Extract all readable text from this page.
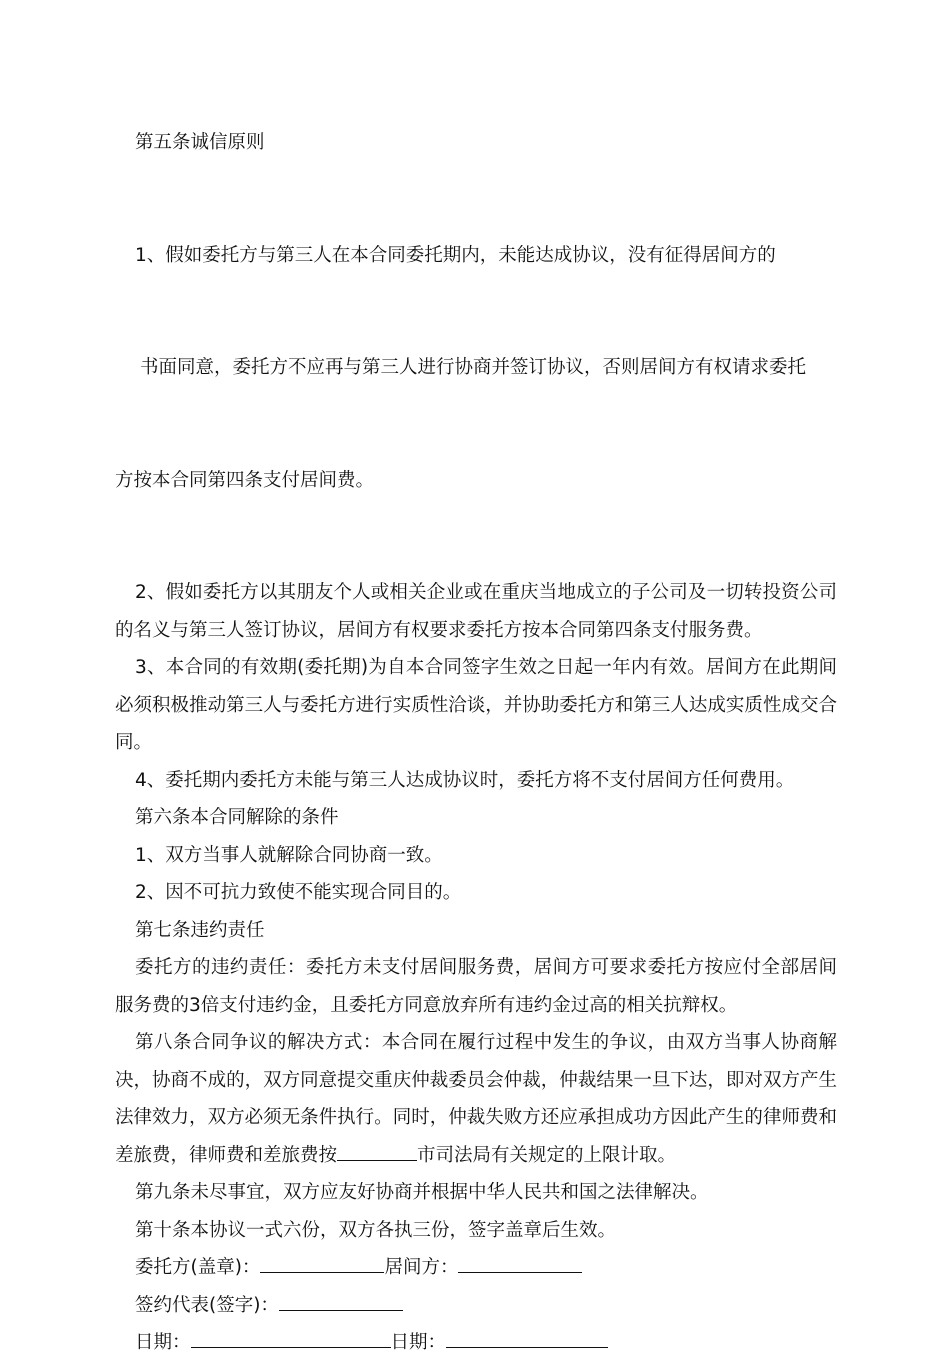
第五条诚信原则

1、假如委托方与第三人在本合同委托期内，未能达成协议，没有征得居间方的

书面同意，委托方不应再与第三人进行协商并签订协议，否则居间方有权请求委托

方按本合同第四条支付居间费。

2、假如委托方以其朋友个人或相关企业或在重庆当地成立的子公司及一切转投资公司的名义与第三人签订协议，居间方有权要求委托方按本合同第四条支付服务费。

3、本合同的有效期(委托期)为自本合同签字生效之日起一年内有效。居间方在此期间必须积极推动第三人与委托方进行实质性洽谈，并协助委托方和第三人达成实质性成交合同。

4、委托期内委托方未能与第三人达成协议时，委托方将不支付居间方任何费用。

第六条本合同解除的条件

1、双方当事人就解除合同协商一致。

2、因不可抗力致使不能实现合同目的。

第七条违约责任

委托方的违约责任：委托方未支付居间服务费，居间方可要求委托方按应付全部居间服务费的3倍支付违约金，且委托方同意放弃所有违约金过高的相关抗辩权。

第八条合同争议的解决方式：本合同在履行过程中发生的争议，由双方当事人协商解决，协商不成的，双方同意提交重庆仲裁委员会仲裁，仲裁结果一旦下达，即对双方产生法律效力，双方必须无条件执行。同时，仲裁失败方还应承担成功方因此产生的律师费和差旅费，律师费和差旅费按	市司法局有关规定的上限计取。

第九条未尽事宜，双方应友好协商并根据中华人民共和国之法律解决。

第十条本协议一式六份，双方各执三份，签字盖章后生效。

委托方(盖章)：	居间方：

签约代表(签字)：

日期：	日期：
